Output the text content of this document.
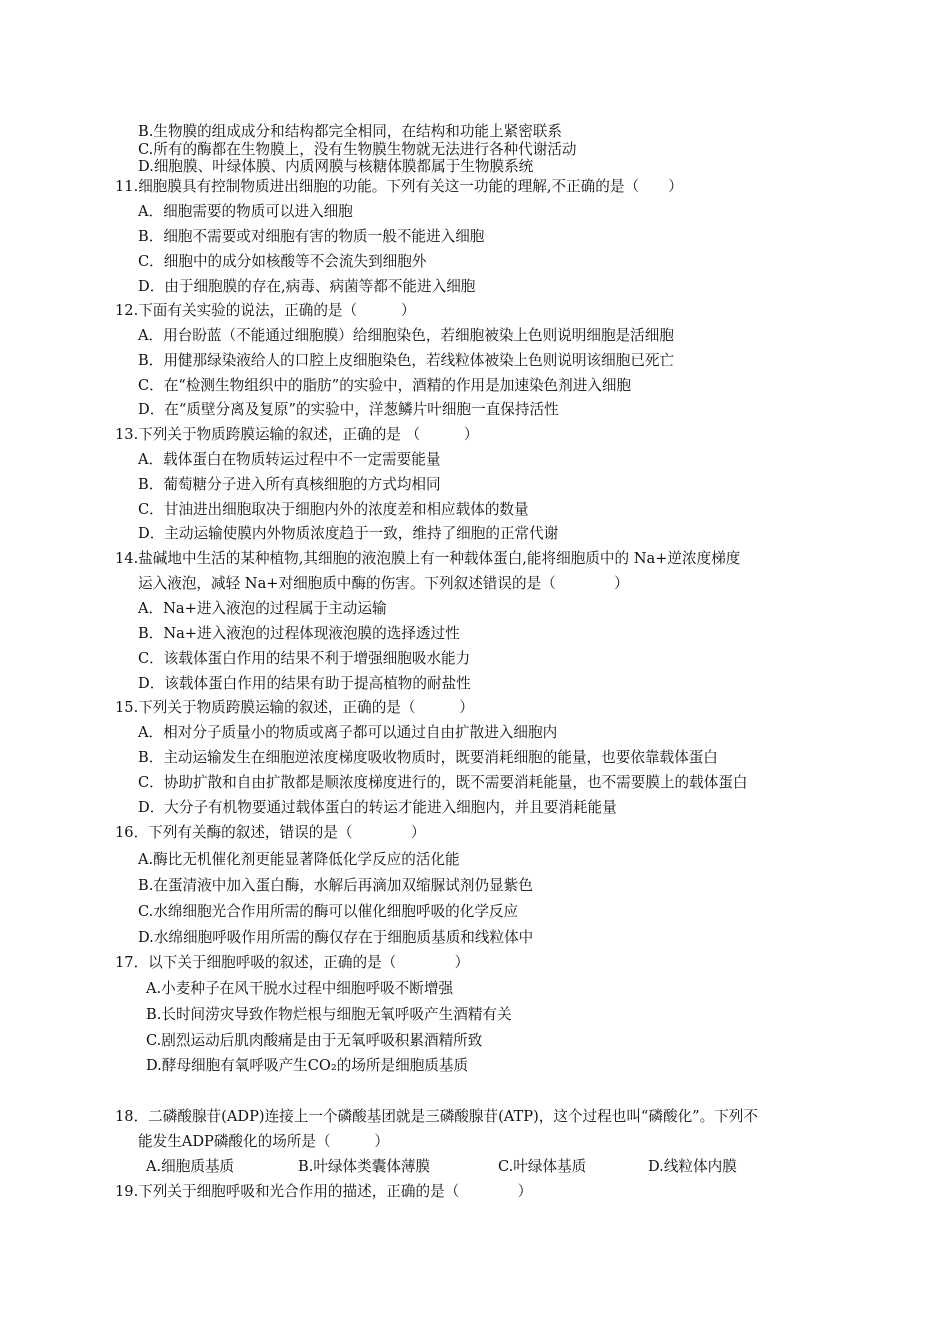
B.生物膜的组成成分和结构都完全相同，在结构和功能上紧密联系
C.所有的酶都在生物膜上，没有生物膜生物就无法进行各种代谢活动
D.细胞膜、叶绿体膜、内质网膜与核糖体膜都属于生物膜系统
11.细胞膜具有控制物质进出细胞的功能。下列有关这一功能的理解,不正确的是（　　）
A．细胞需要的物质可以进入细胞
B．细胞不需要或对细胞有害的物质一般不能进入细胞
C．细胞中的成分如核酸等不会流失到细胞外
D．由于细胞膜的存在,病毒、病菌等都不能进入细胞
12.下面有关实验的说法，正确的是（　　　）
A．用台盼蓝（不能通过细胞膜）给细胞染色，若细胞被染上色则说明细胞是活细胞
B．用健那绿染液给人的口腔上皮细胞染色，若线粒体被染上色则说明该细胞已死亡
C．在“检测生物组织中的脂肪”的实验中，酒精的作用是加速染色剂进入细胞
D．在“质壁分离及复原”的实验中，洋葱鳞片叶细胞一直保持活性
13.下列关于物质跨膜运输的叙述，正确的是 （　　　）
A．载体蛋白在物质转运过程中不一定需要能量
B．葡萄糖分子进入所有真核细胞的方式均相同
C．甘油进出细胞取决于细胞内外的浓度差和相应载体的数量
D．主动运输使膜内外物质浓度趋于一致，维持了细胞的正常代谢
14.盐碱地中生活的某种植物,其细胞的液泡膜上有一种载体蛋白,能将细胞质中的 Na+逆浓度梯度
运入液泡，减轻 Na+对细胞质中酶的伤害。下列叙述错误的是（　　　　）
A．Na+进入液泡的过程属于主动运输
B．Na+进入液泡的过程体现液泡膜的选择透过性
C．该载体蛋白作用的结果不利于增强细胞吸水能力
D．该载体蛋白作用的结果有助于提高植物的耐盐性
15.下列关于物质跨膜运输的叙述，正确的是（　　　）
A．相对分子质量小的物质或离子都可以通过自由扩散进入细胞内
B．主动运输发生在细胞逆浓度梯度吸收物质时，既要消耗细胞的能量，也要依靠载体蛋白
C．协助扩散和自由扩散都是顺浓度梯度进行的，既不需要消耗能量，也不需要膜上的载体蛋白
D．大分子有机物要通过载体蛋白的转运才能进入细胞内，并且要消耗能量
16．下列有关酶的叙述，错误的是（　　　　）
A.酶比无机催化剂更能显著降低化学反应的活化能
B.在蛋清液中加入蛋白酶，水解后再滴加双缩脲试剂仍显紫色
C.水绵细胞光合作用所需的酶可以催化细胞呼吸的化学反应
D.水绵细胞呼吸作用所需的酶仅存在于细胞质基质和线粒体中
17．以下关于细胞呼吸的叙述，正确的是（　　　　）
A.小麦种子在风干脱水过程中细胞呼吸不断增强
B.长时间涝灾导致作物烂根与细胞无氧呼吸产生酒精有关
C.剧烈运动后肌肉酸痛是由于无氧呼吸积累酒精所致
D.酵母细胞有氧呼吸产生CO₂的场所是细胞质基质
18．二磷酸腺苷(ADP)连接上一个磷酸基团就是三磷酸腺苷(ATP)，这个过程也叫“磷酸化”。下列不
能发生ADP磷酸化的场所是（　　　）
A.细胞质基质	B.叶绿体类囊体薄膜	C.叶绿体基质	D.线粒体内膜
19.下列关于细胞呼吸和光合作用的描述，正确的是（　　　　）
